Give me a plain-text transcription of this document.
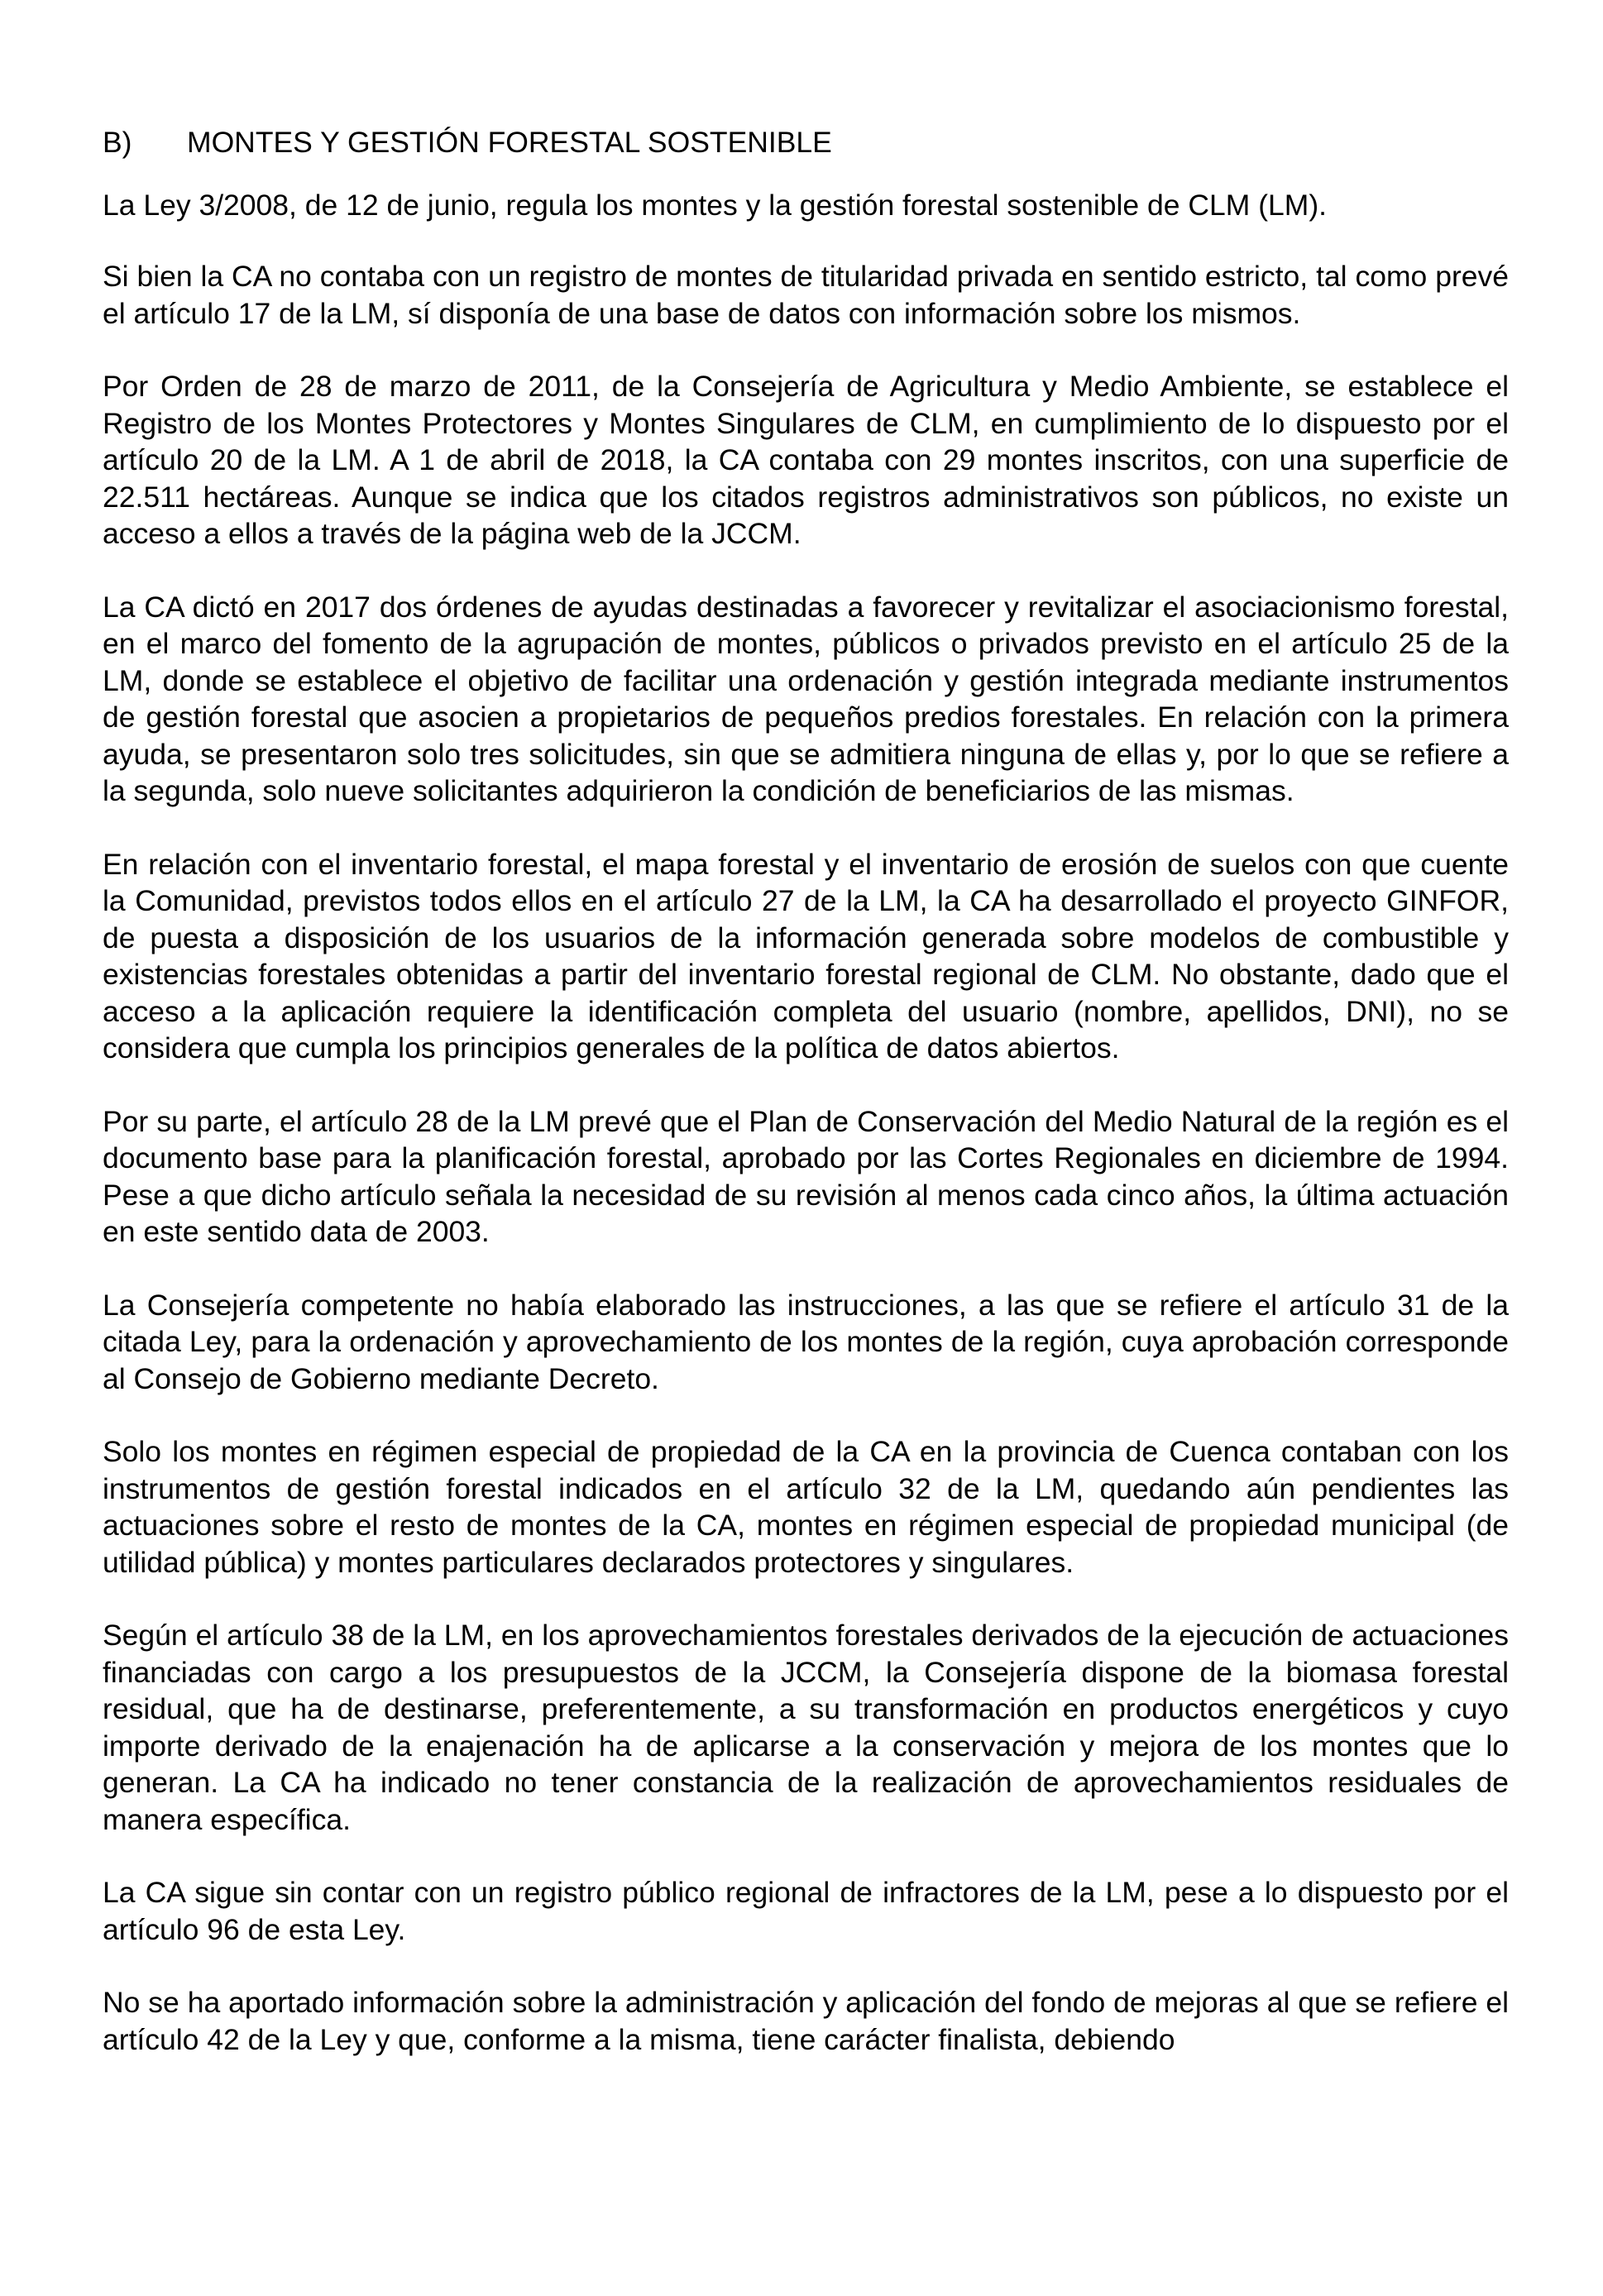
B)	MONTES Y GESTIÓN FORESTAL SOSTENIBLE

La Ley 3/2008, de 12 de junio, regula los montes y la gestión forestal sostenible de CLM (LM).

Si bien la CA no contaba con un registro de montes de titularidad privada en sentido estricto, tal como prevé el artículo 17 de la LM, sí disponía de una base de datos con información sobre los mismos.

Por Orden de 28 de marzo de 2011, de la Consejería de Agricultura y Medio Ambiente, se establece el Registro de los Montes Protectores y Montes Singulares de CLM, en cumplimiento de lo dispuesto por el artículo 20 de la LM. A 1 de abril de 2018, la CA contaba con 29 montes inscritos, con una superficie de 22.511 hectáreas. Aunque se indica que los citados registros administrativos son públicos, no existe un acceso a ellos a través de la página web de la JCCM.

La CA dictó en 2017 dos órdenes de ayudas destinadas a favorecer y revitalizar el asociacionismo forestal, en el marco del fomento de la agrupación de montes, públicos o privados previsto en el artículo 25 de la LM, donde se establece el objetivo de facilitar una ordenación y gestión integrada mediante instrumentos de gestión forestal que asocien a propietarios de pequeños predios forestales. En relación con la primera ayuda, se presentaron solo tres solicitudes, sin que se admitiera ninguna de ellas y, por lo que se refiere a la segunda, solo nueve solicitantes adquirieron la condición de beneficiarios de las mismas.

En relación con el inventario forestal, el mapa forestal y el inventario de erosión de suelos con que cuente la Comunidad, previstos todos ellos en el artículo 27 de la LM, la CA ha desarrollado el proyecto GINFOR, de puesta a disposición de los usuarios de la información generada sobre modelos de combustible y existencias forestales obtenidas a partir del inventario forestal regional de CLM. No obstante, dado que el acceso a la aplicación requiere la identificación completa del usuario (nombre, apellidos, DNI), no se considera que cumpla los principios generales de la política de datos abiertos.

Por su parte, el artículo 28 de la LM prevé que el Plan de Conservación del Medio Natural de la región es el documento base para la planificación forestal, aprobado por las Cortes Regionales en diciembre de 1994. Pese a que dicho artículo señala la necesidad de su revisión al menos cada cinco años, la última actuación en este sentido data de 2003.

La Consejería competente no había elaborado las instrucciones, a las que se refiere el artículo 31 de la citada Ley, para la ordenación y aprovechamiento de los montes de la región, cuya aprobación corresponde al Consejo de Gobierno mediante Decreto.

Solo los montes en régimen especial de propiedad de la CA en la provincia de Cuenca contaban con los instrumentos de gestión forestal indicados en el artículo 32 de la LM, quedando aún pendientes las actuaciones sobre el resto de montes de la CA, montes en régimen especial de propiedad municipal (de utilidad pública) y montes particulares declarados protectores y singulares.

Según el artículo 38 de la LM, en los aprovechamientos forestales derivados de la ejecución de actuaciones financiadas con cargo a los presupuestos de la JCCM, la Consejería dispone de la biomasa forestal residual, que ha de destinarse, preferentemente, a su transformación en productos energéticos y cuyo importe derivado de la enajenación ha de aplicarse a la conservación y mejora de los montes que lo generan. La CA ha indicado no tener constancia de la realización de aprovechamientos residuales de manera específica.

La CA sigue sin contar con un registro público regional de infractores de la LM, pese a lo dispuesto por el artículo 96 de esta Ley.

No se ha aportado información sobre la administración y aplicación del fondo de mejoras al que se refiere el artículo 42 de la Ley y que, conforme a la misma, tiene carácter finalista, debiendo
